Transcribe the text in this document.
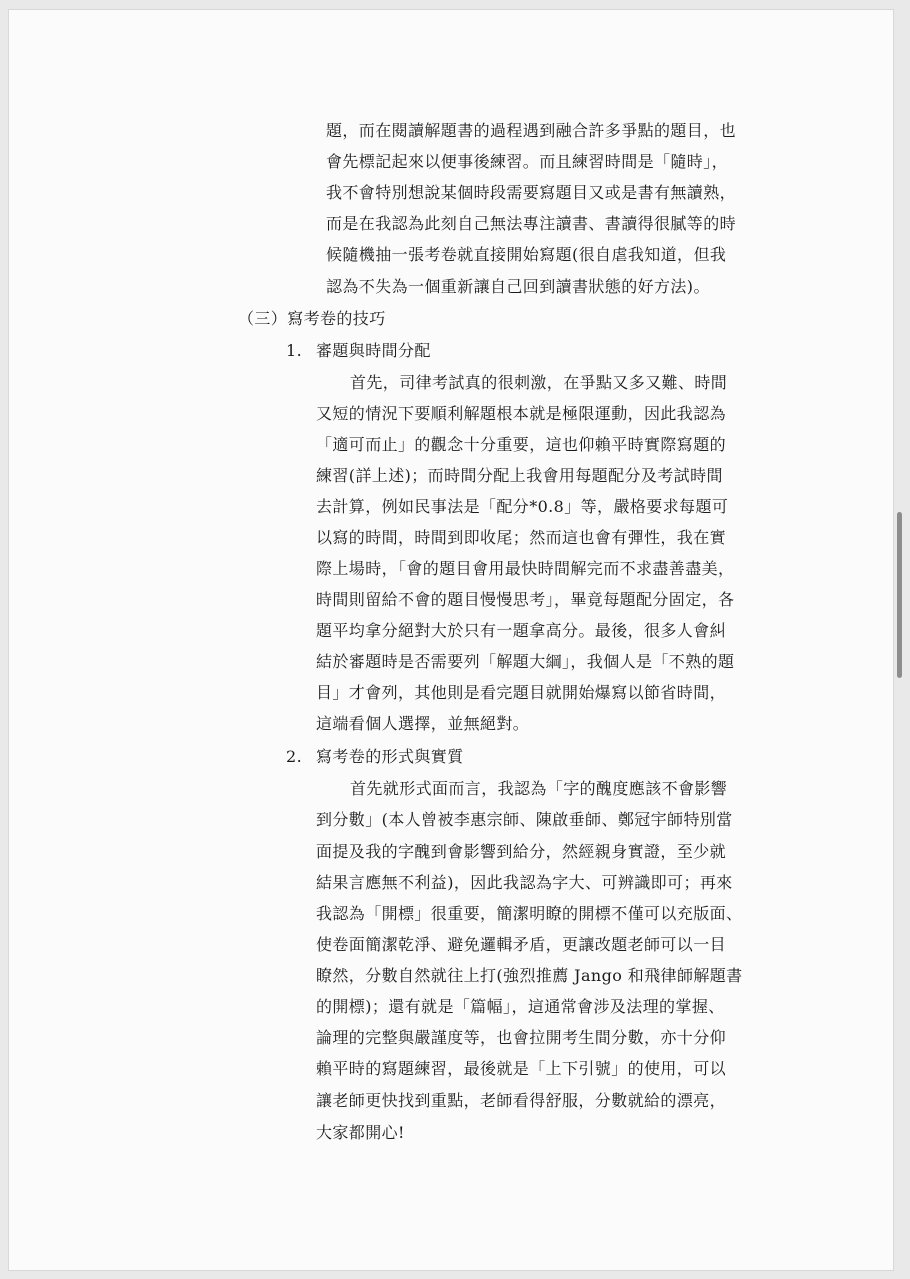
題，而在閱讀解題書的過程遇到融合許多爭點的題目，也
會先標記起來以便事後練習。而且練習時間是「隨時」，
我不會特別想說某個時段需要寫題目又或是書有無讀熟，
而是在我認為此刻自己無法專注讀書、書讀得很膩等的時
候隨機抽一張考卷就直接開始寫題(很自虐我知道，但我
認為不失為一個重新讓自己回到讀書狀態的好方法)。
（三）寫考卷的技巧
1. 審題與時間分配
首先，司律考試真的很刺激，在爭點又多又難、時間
又短的情況下要順利解題根本就是極限運動，因此我認為
「適可而止」的觀念十分重要，這也仰賴平時實際寫題的
練習(詳上述)；而時間分配上我會用每題配分及考試時間
去計算，例如民事法是「配分*0.8」等，嚴格要求每題可
以寫的時間，時間到即收尾；然而這也會有彈性，我在實
際上場時，「會的題目會用最快時間解完而不求盡善盡美，
時間則留給不會的題目慢慢思考」，畢竟每題配分固定，各
題平均拿分絕對大於只有一題拿高分。最後，很多人會糾
結於審題時是否需要列「解題大綱」，我個人是「不熟的題
目」才會列，其他則是看完題目就開始爆寫以節省時間，
這端看個人選擇，並無絕對。
2. 寫考卷的形式與實質
首先就形式面而言，我認為「字的醜度應該不會影響
到分數」(本人曾被李惠宗師、陳啟垂師、鄭冠宇師特別當
面提及我的字醜到會影響到給分，然經親身實證，至少就
結果言應無不利益)，因此我認為字大、可辨識即可；再來
我認為「開標」很重要，簡潔明瞭的開標不僅可以充版面、
使卷面簡潔乾淨、避免邏輯矛盾，更讓改題老師可以一目
瞭然，分數自然就往上打(強烈推薦 Jango 和飛律師解題書
的開標)；還有就是「篇幅」，這通常會涉及法理的掌握、
論理的完整與嚴謹度等，也會拉開考生間分數，亦十分仰
賴平時的寫題練習，最後就是「上下引號」的使用，可以
讓老師更快找到重點，老師看得舒服，分數就給的漂亮，
大家都開心!
